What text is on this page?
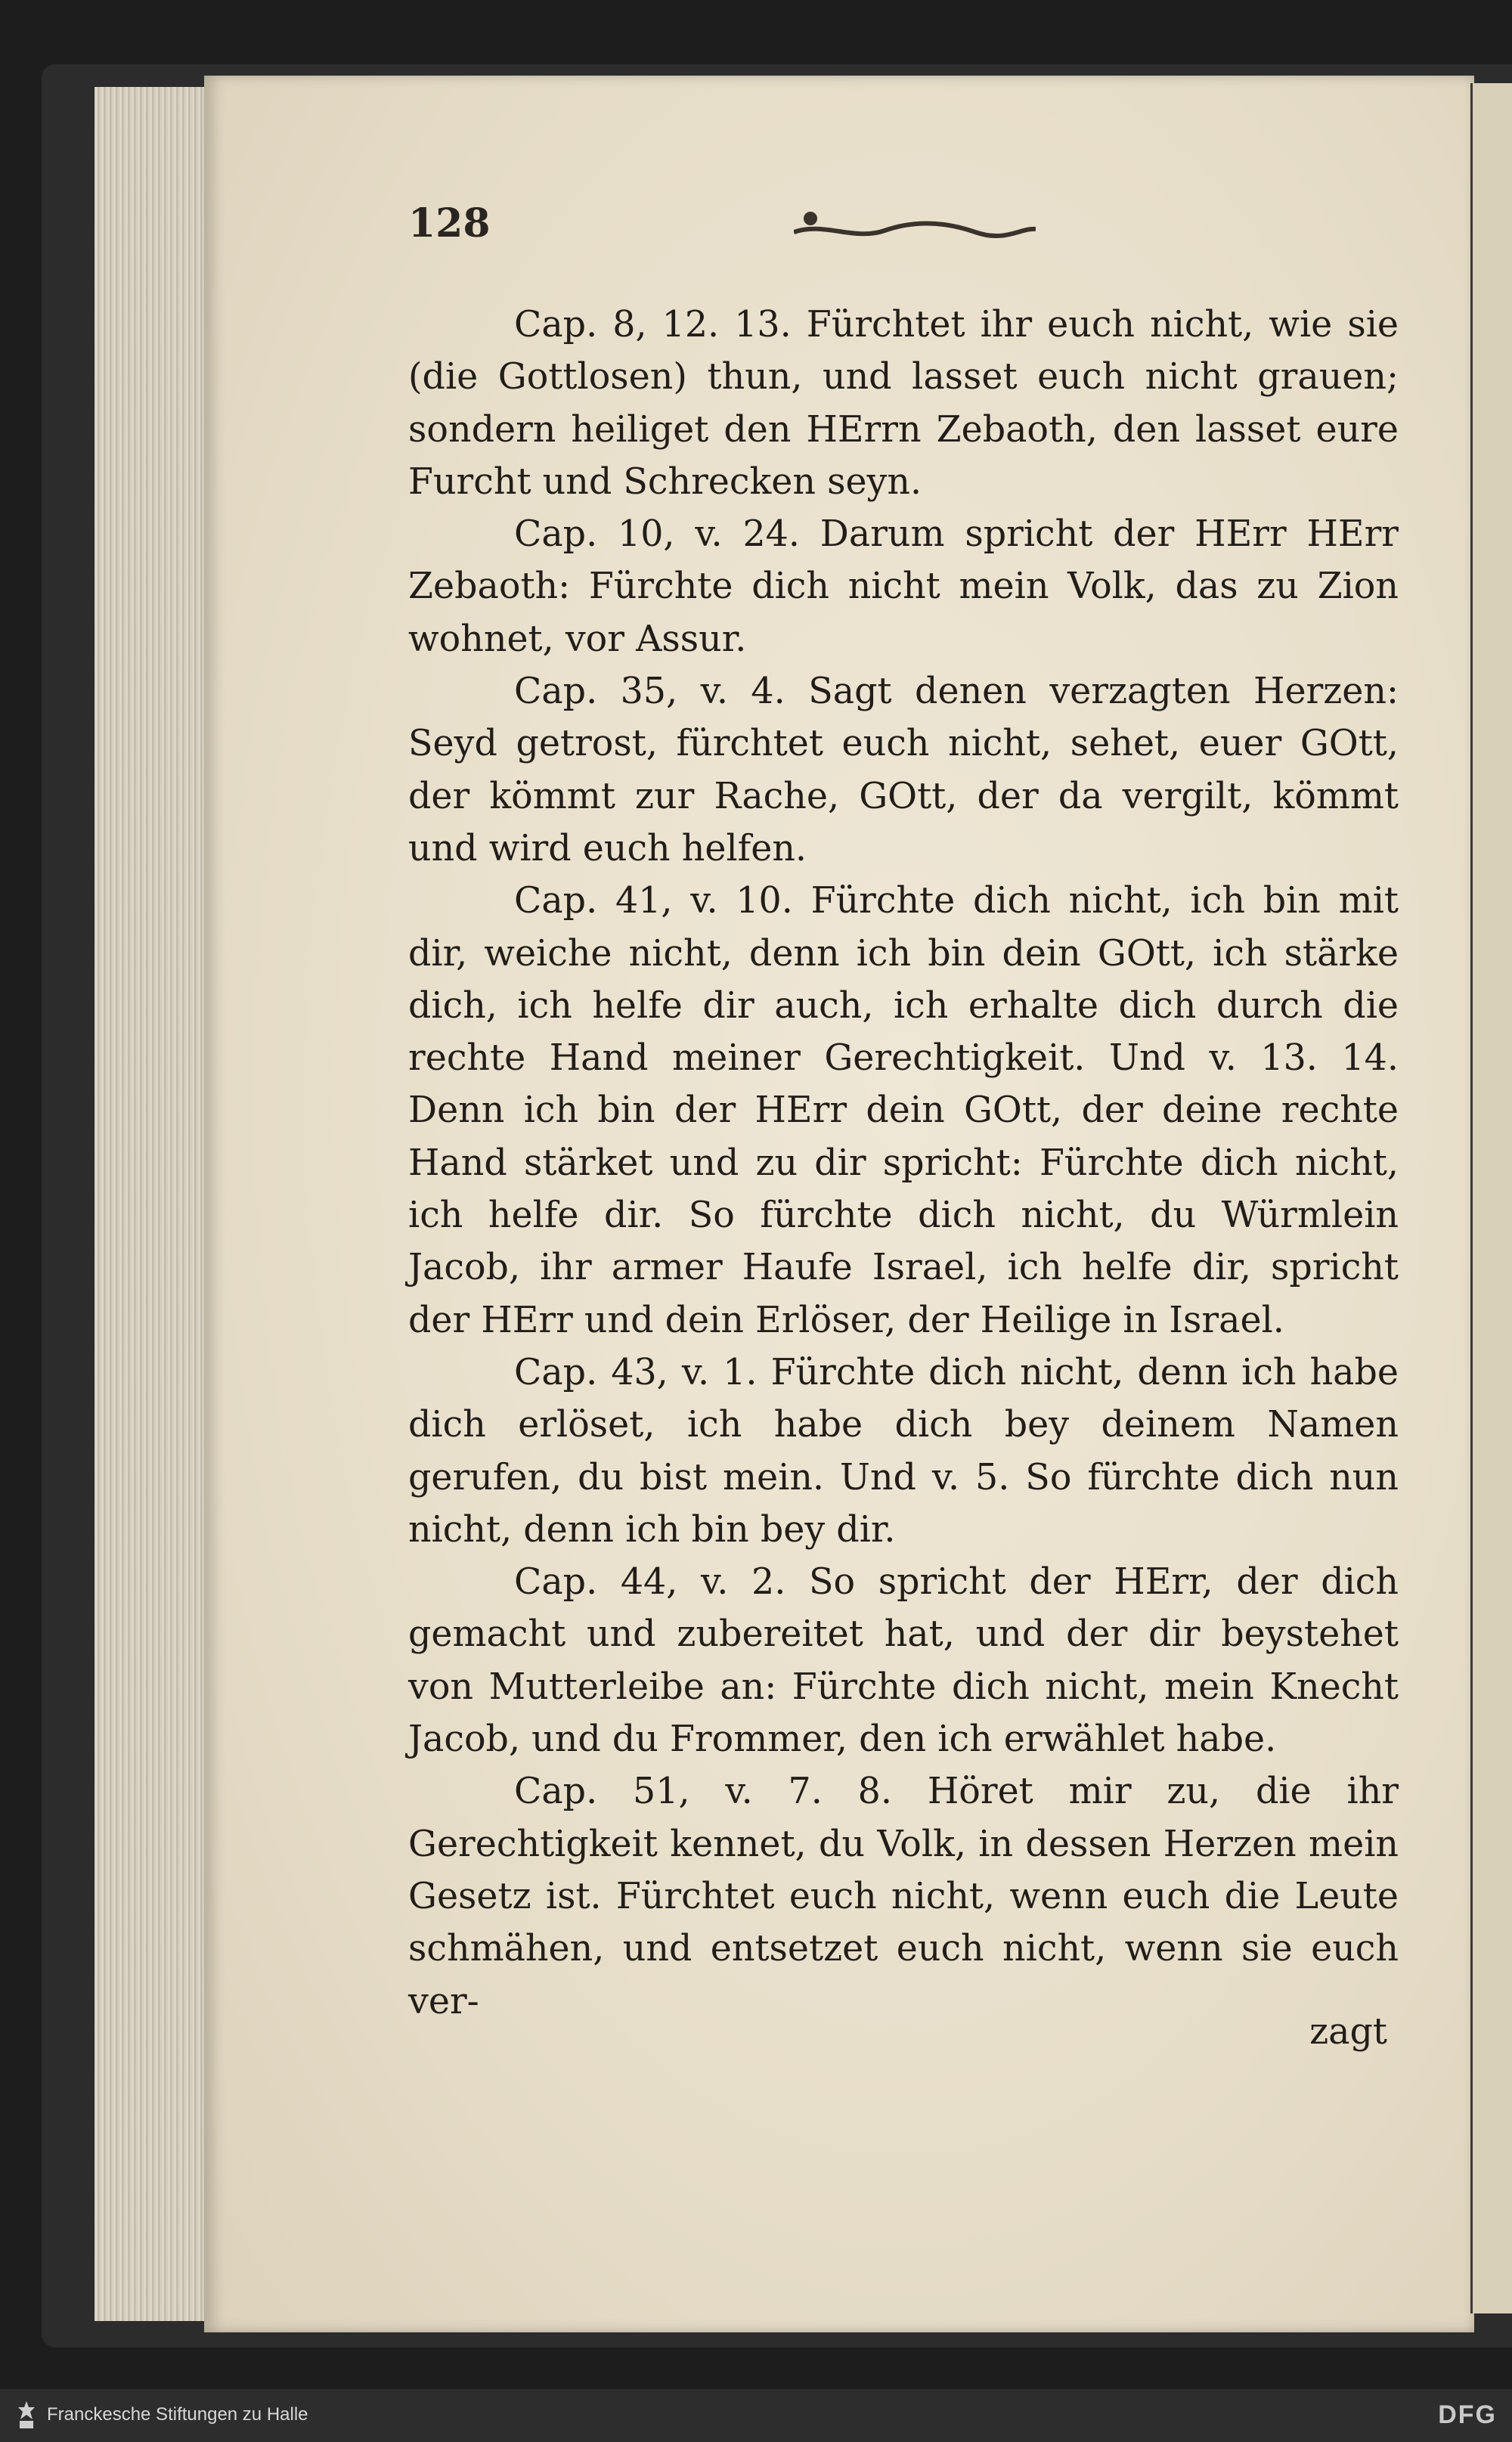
128

Cap. 8, 12. 13. Fürchtet ihr euch nicht, wie sie (die Gottlosen) thun, und lasset euch nicht grauen; sondern heiliget den HErrn Zebaoth, den lasset eure Furcht und Schrecken seyn.

Cap. 10, v. 24. Darum spricht der HErr HErr Zebaoth: Fürchte dich nicht mein Volk, das zu Zion wohnet, vor Assur.

Cap. 35, v. 4. Sagt denen verzagten Herzen: Seyd getrost, fürchtet euch nicht, sehet, euer GOtt, der kömmt zur Rache, GOtt, der da vergilt, kömmt und wird euch helfen.

Cap. 41, v. 10. Fürchte dich nicht, ich bin mit dir, weiche nicht, denn ich bin dein GOtt, ich stärke dich, ich helfe dir auch, ich erhalte dich durch die rechte Hand meiner Gerechtigkeit. Und v. 13. 14. Denn ich bin der HErr dein GOtt, der deine rechte Hand stärket und zu dir spricht: Fürchte dich nicht, ich helfe dir. So fürchte dich nicht, du Würmlein Jacob, ihr armer Haufe Israel, ich helfe dir, spricht der HErr und dein Erlöser, der Heilige in Israel.

Cap. 43, v. 1. Fürchte dich nicht, denn ich habe dich erlöset, ich habe dich bey deinem Namen gerufen, du bist mein. Und v. 5. So fürchte dich nun nicht, denn ich bin bey dir.

Cap. 44, v. 2. So spricht der HErr, der dich gemacht und zubereitet hat, und der dir beystehet von Mutterleibe an: Fürchte dich nicht, mein Knecht Jacob, und du Frommer, den ich erwählet habe.

Cap. 51, v. 7. 8. Höret mir zu, die ihr Gerechtigkeit kennet, du Volk, in dessen Herzen mein Gesetz ist. Fürchtet euch nicht, wenn euch die Leute schmähen, und entsetzet euch nicht, wenn sie euch ver-

zagt
Franckesche Stiftungen zu Halle	DFG
